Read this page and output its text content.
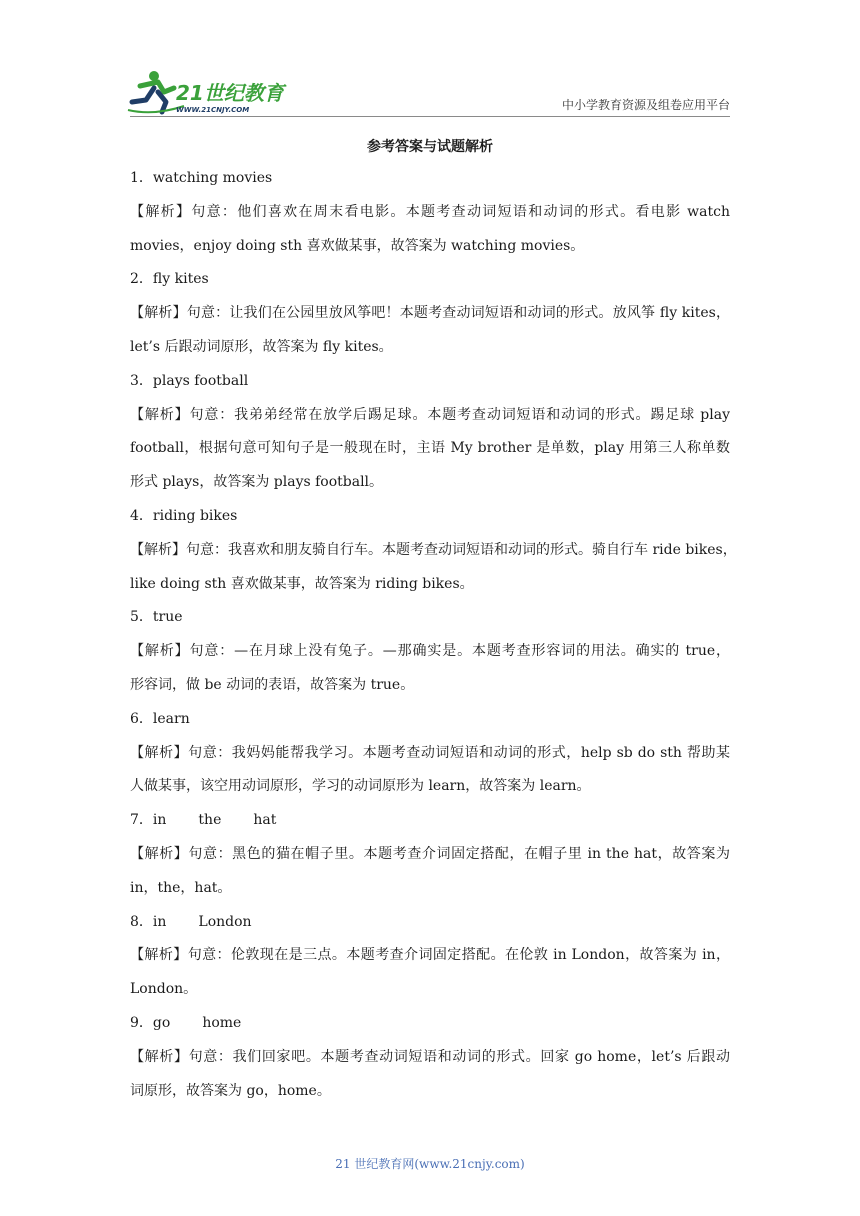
21世纪教育
WWW.21CNJY.COM	中小学教育资源及组卷应用平台
参考答案与试题解析
1．watching movies
【解析】句意：他们喜欢在周末看电影。本题考查动词短语和动词的形式。看电影 watch
movies，enjoy doing sth 喜欢做某事，故答案为 watching movies。
2．fly kites
【解析】句意：让我们在公园里放风筝吧！本题考查动词短语和动词的形式。放风筝 fly kites，
let’s 后跟动词原形，故答案为 fly kites。
3．plays football
【解析】句意：我弟弟经常在放学后踢足球。本题考查动词短语和动词的形式。踢足球 play
football，根据句意可知句子是一般现在时，主语 My brother 是单数，play 用第三人称单数
形式 plays，故答案为 plays football。
4．riding bikes
【解析】句意：我喜欢和朋友骑自行车。本题考查动词短语和动词的形式。骑自行车 ride bikes，
like doing sth 喜欢做某事，故答案为 riding bikes。
5．true
【解析】句意：—在月球上没有兔子。—那确实是。本题考查形容词的用法。确实的 true，
形容词，做 be 动词的表语，故答案为 true。
6．learn
【解析】句意：我妈妈能帮我学习。本题考查动词短语和动词的形式，help sb do sth 帮助某
人做某事，该空用动词原形，学习的动词原形为 learn，故答案为 learn。
7．in the hat
【解析】句意：黑色的猫在帽子里。本题考查介词固定搭配，在帽子里 in the hat，故答案为
in，the，hat。
8．in London
【解析】句意：伦敦现在是三点。本题考查介词固定搭配。在伦敦 in London，故答案为 in，
London。
9．go home
【解析】句意：我们回家吧。本题考查动词短语和动词的形式。回家 go home，let’s 后跟动
词原形，故答案为 go，home。
21 世纪教育网(www.21cnjy.com)
